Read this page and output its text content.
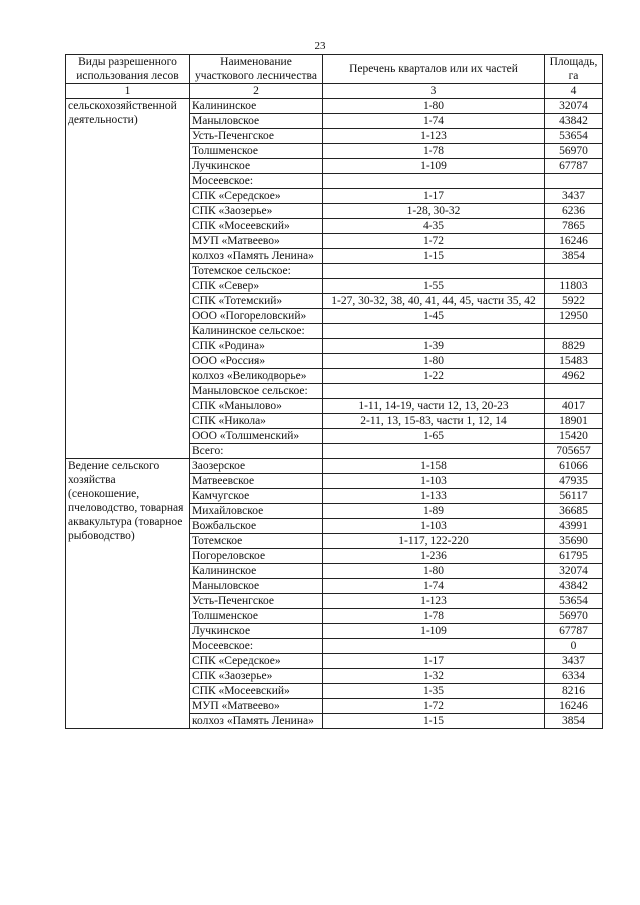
23
Виды разрешенного использования лесов	Наименование участкового лесничества	Перечень кварталов или их частей	Площадь, га
1	2	3	4
сельскохозяйственной деятельности)	Калининское	1-80	32074
	Маныловское	1-74	43842
	Усть-Печенгское	1-123	53654
	Толшменское	1-78	56970
	Лучкинское	1-109	67787
	Мосеевское:		
	СПК «Середское»	1-17	3437
	СПК «Заозерье»	1-28, 30-32	6236
	СПК «Мосеевский»	4-35	7865
	МУП «Матвеево»	1-72	16246
	колхоз «Память Ленина»	1-15	3854
	Тотемское сельское:		
	СПК «Север»	1-55	11803
	СПК «Тотемский»	1-27, 30-32, 38, 40, 41, 44, 45, части 35, 42	5922
	ООО «Погореловский»	1-45	12950
	Калининское сельское:		
	СПК «Родина»	1-39	8829
	ООО «Россия»	1-80	15483
	колхоз «Великодворье»	1-22	4962
	Маныловское сельское:		
	СПК «Манылово»	1-11, 14-19, части 12, 13, 20-23	4017
	СПК «Никола»	2-11, 13, 15-83, части 1, 12, 14	18901
	ООО «Толшменский»	1-65	15420
	Всего:		705657
Ведение сельского хозяйства (сенокошение, пчеловодство, товарная аквакультура (товарное рыбоводство)	Заозерское	1-158	61066
	Матвеевское	1-103	47935
	Камчугское	1-133	56117
	Михайловское	1-89	36685
	Вожбальское	1-103	43991
	Тотемское	1-117, 122-220	35690
	Погореловское	1-236	61795
	Калининское	1-80	32074
	Маныловское	1-74	43842
	Усть-Печенгское	1-123	53654
	Толшменское	1-78	56970
	Лучкинское	1-109	67787
	Мосеевское:		0
	СПК «Середское»	1-17	3437
	СПК «Заозерье»	1-32	6334
	СПК «Мосеевский»	1-35	8216
	МУП «Матвеево»	1-72	16246
	колхоз «Память Ленина»	1-15	3854
